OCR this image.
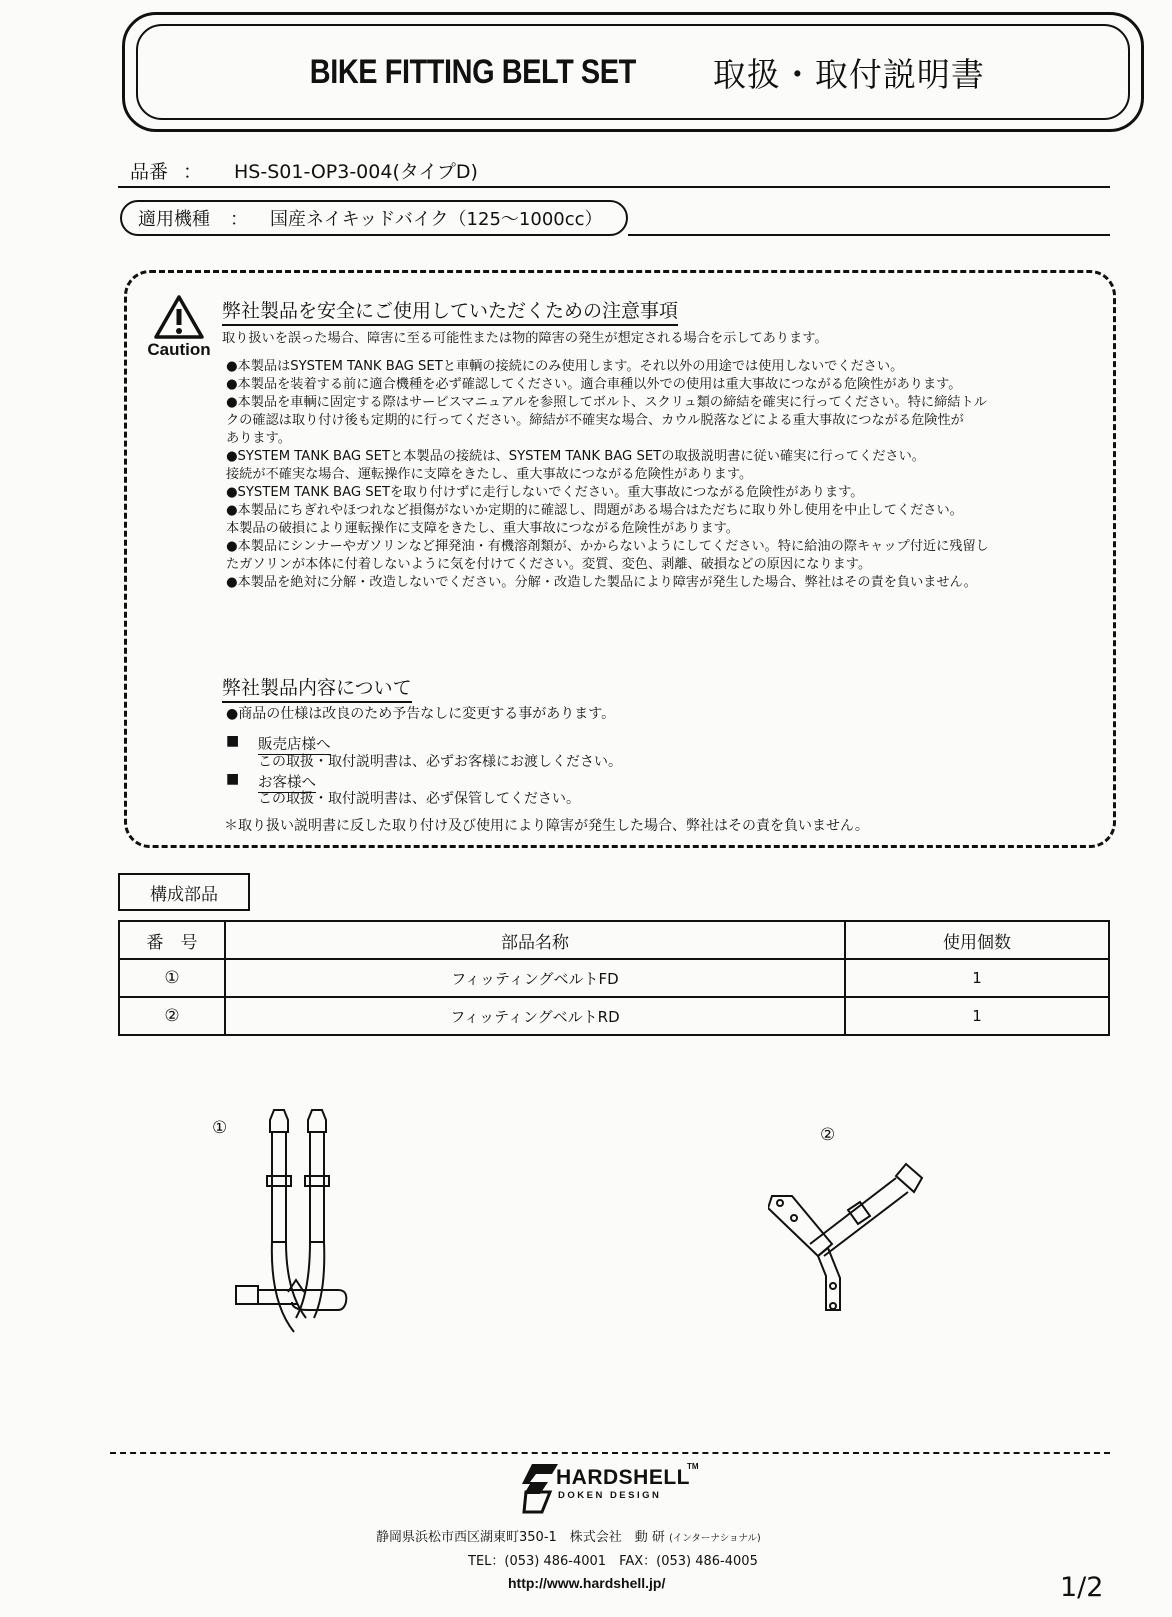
BIKE FITTING BELT SET 取扱・取付説明書
品番 ： HS-S01-OP3-004(タイプD)
適用機種 ： 国産ネイキッドバイク（125～1000cc）
Caution
弊社製品を安全にご使用していただくための注意事項
取り扱いを誤った場合、障害に至る可能性または物的障害の発生が想定される場合を示してあります。
●本製品はSYSTEM TANK BAG SETと車輌の接続にのみ使用します。それ以外の用途では使用しないでください。
●本製品を装着する前に適合機種を必ず確認してください。適合車種以外での使用は重大事故につながる危険性があります。
●本製品を車輌に固定する際はサービスマニュアルを参照してボルト、スクリュ類の締結を確実に行ってください。特に締結トル
クの確認は取り付け後も定期的に行ってください。締結が不確実な場合、カウル脱落などによる重大事故につながる危険性が
あります。
●SYSTEM TANK BAG SETと本製品の接続は、SYSTEM TANK BAG SETの取扱説明書に従い確実に行ってください。
接続が不確実な場合、運転操作に支障をきたし、重大事故につながる危険性があります。
●SYSTEM TANK BAG SETを取り付けずに走行しないでください。重大事故につながる危険性があります。
●本製品にちぎれやほつれなど損傷がないか定期的に確認し、問題がある場合はただちに取り外し使用を中止してください。
本製品の破損により運転操作に支障をきたし、重大事故につながる危険性があります。
●本製品にシンナーやガソリンなど揮発油・有機溶剤類が、かからないようにしてください。特に給油の際キャップ付近に残留し
たガソリンが本体に付着しないように気を付けてください。変質、変色、剥離、破損などの原因になります。
●本製品を絶対に分解・改造しないでください。分解・改造した製品により障害が発生した場合、弊社はその責を負いません。
弊社製品内容について
●商品の仕様は改良のため予告なしに変更する事があります。
■ 販売店様へ
この取扱・取付説明書は、必ずお客様にお渡しください。
■ お客様へ
この取扱・取付説明書は、必ず保管してください。
＊取り扱い説明書に反した取り付け及び使用により障害が発生した場合、弊社はその責を負いません。
構成部品
番　号	部品名称	使用個数
①	フィッティングベルトFD	1
②	フィッティングベルトRD	1
①	②
HARDSHELL
TM
DOKEN DESIGN
静岡県浜松市西区湖東町350-1　株式会社　動 研 (インターナショナル)
TEL：(053) 486-4001　FAX：(053) 486-4005
http://www.hardshell.jp/	1/2
